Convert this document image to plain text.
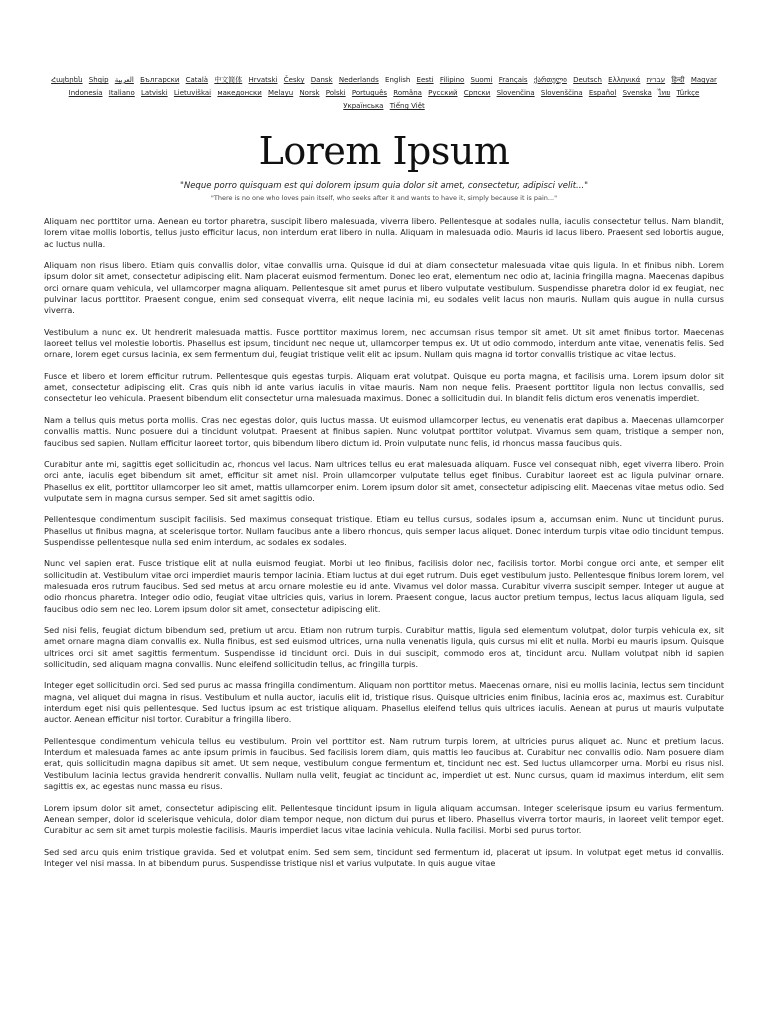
Հայերեն Shqip العربية Български Català 中文简体 Hrvatski Česky Dansk Nederlands English Eesti Filipino Suomi Français ქართული Deutsch Ελληνικά עברית हिन्दी Magyar Indonesia Italiano Latviski Lietuviškai македонски Melayu Norsk Polski Português Româna Pyccкий Српски Slovenčina Slovenščina Español Svenska ไทย Türkçe Українська Tiếng Việt
Lorem Ipsum

"Neque porro quisquam est qui dolorem ipsum quia dolor sit amet, consectetur, adipisci velit..."

"There is no one who loves pain itself, who seeks after it and wants to have it, simply because it is pain..."

Aliquam nec porttitor urna. Aenean eu tortor pharetra, suscipit libero malesuada, viverra libero. Pellentesque at sodales nulla, iaculis consectetur tellus. Nam blandit, lorem vitae mollis lobortis, tellus justo efficitur lacus, non interdum erat libero in nulla. Aliquam in malesuada odio. Mauris id lacus libero. Praesent sed lobortis augue, ac luctus nulla.

Aliquam non risus libero. Etiam quis convallis dolor, vitae convallis urna. Quisque id dui at diam consectetur malesuada vitae quis ligula. In et finibus nibh. Lorem ipsum dolor sit amet, consectetur adipiscing elit. Nam placerat euismod fermentum. Donec leo erat, elementum nec odio at, lacinia fringilla magna. Maecenas dapibus orci ornare quam vehicula, vel ullamcorper magna aliquam. Pellentesque sit amet purus et libero vulputate vestibulum. Suspendisse pharetra dolor id ex feugiat, nec pulvinar lacus porttitor. Praesent congue, enim sed consequat viverra, elit neque lacinia mi, eu sodales velit lacus non mauris. Nullam quis augue in nulla cursus viverra.

Vestibulum a nunc ex. Ut hendrerit malesuada mattis. Fusce porttitor maximus lorem, nec accumsan risus tempor sit amet. Ut sit amet finibus tortor. Maecenas laoreet tellus vel molestie lobortis. Phasellus est ipsum, tincidunt nec neque ut, ullamcorper tempus ex. Ut ut odio commodo, interdum ante vitae, venenatis felis. Sed ornare, lorem eget cursus lacinia, ex sem fermentum dui, feugiat tristique velit elit ac ipsum. Nullam quis magna id tortor convallis tristique ac vitae lectus.

Fusce et libero et lorem efficitur rutrum. Pellentesque quis egestas turpis. Aliquam erat volutpat. Quisque eu porta magna, et facilisis urna. Lorem ipsum dolor sit amet, consectetur adipiscing elit. Cras quis nibh id ante varius iaculis in vitae mauris. Nam non neque felis. Praesent porttitor ligula non lectus convallis, sed consectetur leo vehicula. Praesent bibendum elit consectetur urna malesuada maximus. Donec a sollicitudin dui. In blandit felis dictum eros venenatis imperdiet.

Nam a tellus quis metus porta mollis. Cras nec egestas dolor, quis luctus massa. Ut euismod ullamcorper lectus, eu venenatis erat dapibus a. Maecenas ullamcorper convallis mattis. Nunc posuere dui a tincidunt volutpat. Praesent at finibus sapien. Nunc volutpat porttitor volutpat. Vivamus sem quam, tristique a semper non, faucibus sed sapien. Nullam efficitur laoreet tortor, quis bibendum libero dictum id. Proin vulputate nunc felis, id rhoncus massa faucibus quis.

Curabitur ante mi, sagittis eget sollicitudin ac, rhoncus vel lacus. Nam ultrices tellus eu erat malesuada aliquam. Fusce vel consequat nibh, eget viverra libero. Proin orci ante, iaculis eget bibendum sit amet, efficitur sit amet nisl. Proin ullamcorper vulputate tellus eget finibus. Curabitur laoreet est ac ligula pulvinar ornare. Phasellus ex elit, porttitor ullamcorper leo sit amet, mattis ullamcorper enim. Lorem ipsum dolor sit amet, consectetur adipiscing elit. Maecenas vitae metus odio. Sed vulputate sem in magna cursus semper. Sed sit amet sagittis odio.

Pellentesque condimentum suscipit facilisis. Sed maximus consequat tristique. Etiam eu tellus cursus, sodales ipsum a, accumsan enim. Nunc ut tincidunt purus. Phasellus ut finibus magna, at scelerisque tortor. Nullam faucibus ante a libero rhoncus, quis semper lacus aliquet. Donec interdum turpis vitae odio tincidunt tempus. Suspendisse pellentesque nulla sed enim interdum, ac sodales ex sodales.

Nunc vel sapien erat. Fusce tristique elit at nulla euismod feugiat. Morbi ut leo finibus, facilisis dolor nec, facilisis tortor. Morbi congue orci ante, et semper elit sollicitudin at. Vestibulum vitae orci imperdiet mauris tempor lacinia. Etiam luctus at dui eget rutrum. Duis eget vestibulum justo. Pellentesque finibus lorem lorem, vel malesuada eros rutrum faucibus. Sed sed metus at arcu ornare molestie eu id ante. Vivamus vel dolor massa. Curabitur viverra suscipit semper. Integer ut augue at odio rhoncus pharetra. Integer odio odio, feugiat vitae ultricies quis, varius in lorem. Praesent congue, lacus auctor pretium tempus, lectus lacus aliquam ligula, sed faucibus odio sem nec leo. Lorem ipsum dolor sit amet, consectetur adipiscing elit.

Sed nisi felis, feugiat dictum bibendum sed, pretium ut arcu. Etiam non rutrum turpis. Curabitur mattis, ligula sed elementum volutpat, dolor turpis vehicula ex, sit amet ornare magna diam convallis ex. Nulla finibus, est sed euismod ultrices, urna nulla venenatis ligula, quis cursus mi elit et nulla. Morbi eu mauris ipsum. Quisque ultrices orci sit amet sagittis fermentum. Suspendisse id tincidunt orci. Duis in dui suscipit, commodo eros at, tincidunt arcu. Nullam volutpat nibh id sapien sollicitudin, sed aliquam magna convallis. Nunc eleifend sollicitudin tellus, ac fringilla turpis.

Integer eget sollicitudin orci. Sed sed purus ac massa fringilla condimentum. Aliquam non porttitor metus. Maecenas ornare, nisi eu mollis lacinia, lectus sem tincidunt magna, vel aliquet dui magna in risus. Vestibulum et nulla auctor, iaculis elit id, tristique risus. Quisque ultricies enim finibus, lacinia eros ac, maximus est. Curabitur interdum eget nisi quis pellentesque. Sed luctus ipsum ac est tristique aliquam. Phasellus eleifend tellus quis ultrices iaculis. Aenean at purus ut mauris vulputate auctor. Aenean efficitur nisl tortor. Curabitur a fringilla libero.

Pellentesque condimentum vehicula tellus eu vestibulum. Proin vel porttitor est. Nam rutrum turpis lorem, at ultricies purus aliquet ac. Nunc et pretium lacus. Interdum et malesuada fames ac ante ipsum primis in faucibus. Sed facilisis lorem diam, quis mattis leo faucibus at. Curabitur nec convallis odio. Nam posuere diam erat, quis sollicitudin magna dapibus sit amet. Ut sem neque, vestibulum congue fermentum et, tincidunt nec est. Sed luctus ullamcorper urna. Morbi eu risus nisl. Vestibulum lacinia lectus gravida hendrerit convallis. Nullam nulla velit, feugiat ac tincidunt ac, imperdiet ut est. Nunc cursus, quam id maximus interdum, elit sem sagittis ex, ac egestas nunc massa eu risus.

Lorem ipsum dolor sit amet, consectetur adipiscing elit. Pellentesque tincidunt ipsum in ligula aliquam accumsan. Integer scelerisque ipsum eu varius fermentum. Aenean semper, dolor id scelerisque vehicula, dolor diam tempor neque, non dictum dui purus et libero. Phasellus viverra tortor mauris, in laoreet velit tempor eget. Curabitur ac sem sit amet turpis molestie facilisis. Mauris imperdiet lacus vitae lacinia vehicula. Nulla facilisi. Morbi sed purus tortor.

Sed sed arcu quis enim tristique gravida. Sed et volutpat enim. Sed sem sem, tincidunt sed fermentum id, placerat ut ipsum. In volutpat eget metus id convallis. Integer vel nisi massa. In at bibendum purus. Suspendisse tristique nisl et varius vulputate. In quis augue vitae
